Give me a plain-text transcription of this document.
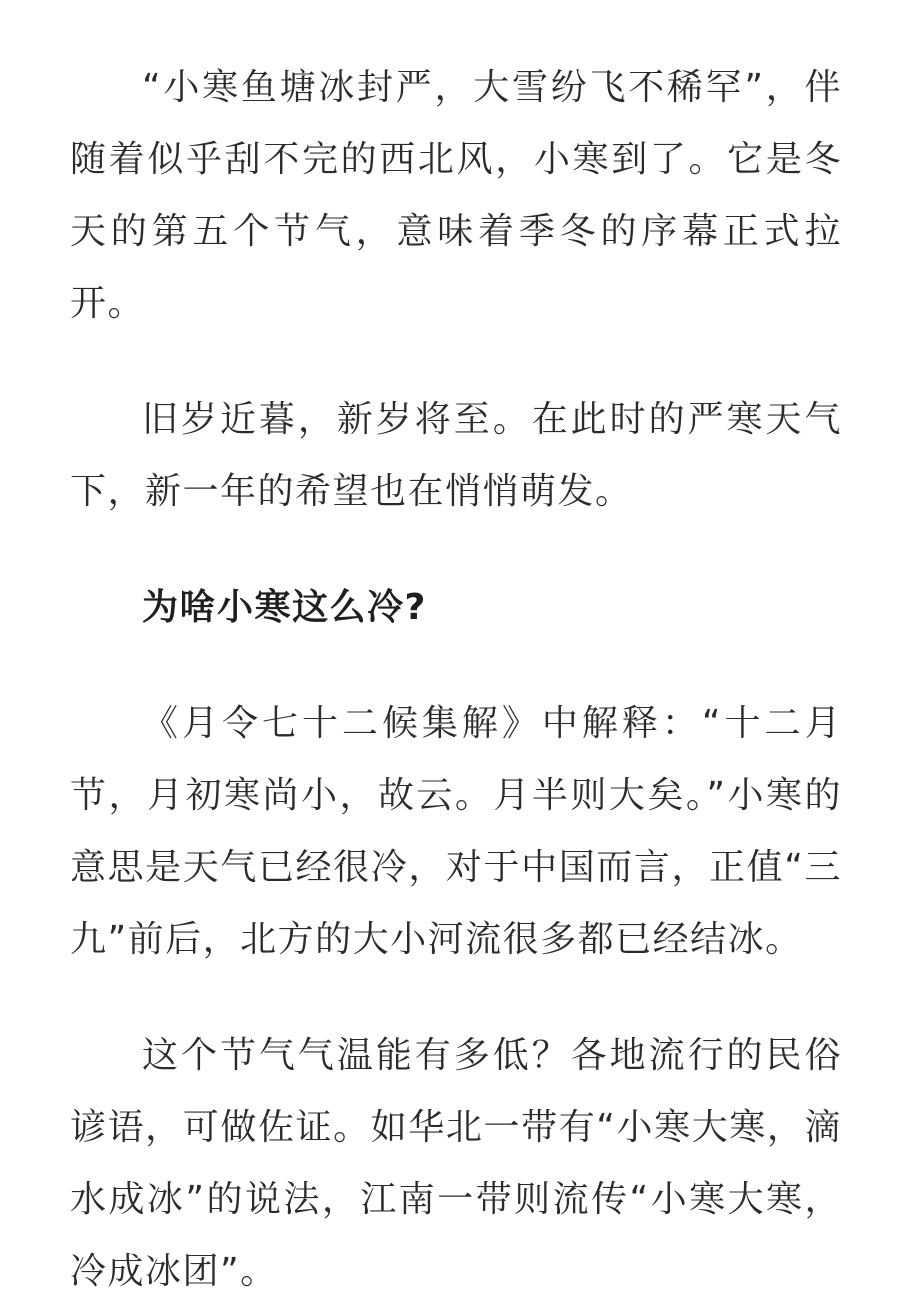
“小寒鱼塘冰封严，大雪纷飞不稀罕”，伴随着似乎刮不完的西北风，小寒到了。它是冬天的第五个节气，意味着季冬的序幕正式拉开。

旧岁近暮，新岁将至。在此时的严寒天气下，新一年的希望也在悄悄萌发。

为啥小寒这么冷?

《月令七十二候集解》中解释：“十二月节，月初寒尚小，故云。月半则大矣。”小寒的意思是天气已经很冷，对于中国而言，正值“三九”前后，北方的大小河流很多都已经结冰。

这个节气气温能有多低？各地流行的民俗谚语，可做佐证。如华北一带有“小寒大寒，滴水成冰”的说法，江南一带则流传“小寒大寒，冷成冰团”。
